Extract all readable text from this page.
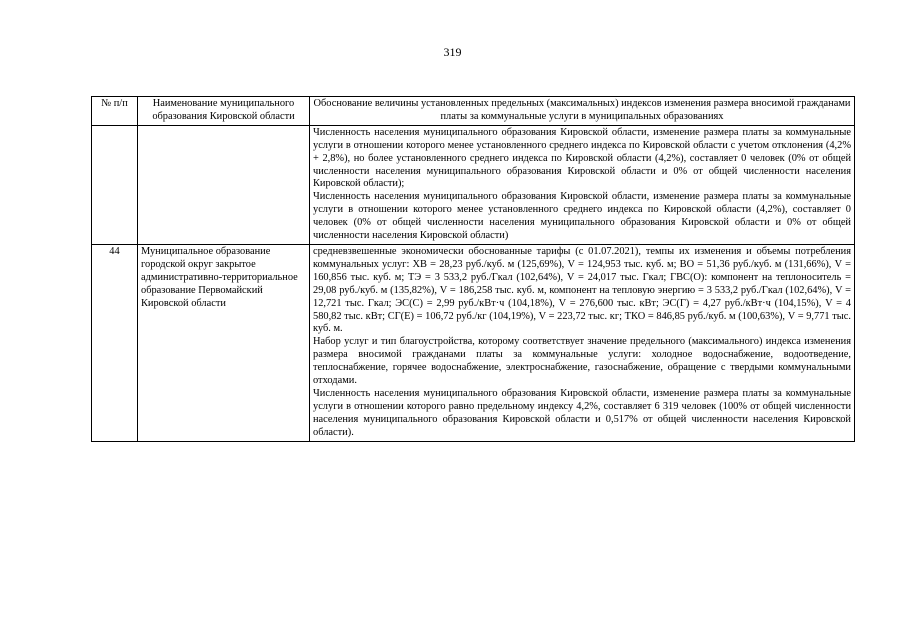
319
№ п/п	Наименование муниципального образования Кировской области	Обоснование величины установленных предельных (максимальных) индексов изменения размера вносимой гражданами платы за коммунальные услуги в муниципальных образованиях

		Численность населения муниципального образования Кировской области, изменение размера платы за коммунальные услуги в отношении которого менее установленного среднего индекса по Кировской области с учетом отклонения (4,2% + 2,8%), но более установленного среднего индекса по Кировской области (4,2%), составляет 0 человек (0% от общей численности населения муниципального образования Кировской области и 0% от общей численности населения Кировской области);

Численность населения муниципального образования Кировской области, изменение размера платы за коммунальные услуги в отношении которого менее установленного среднего индекса по Кировской области (4,2%), составляет 0 человек (0% от общей численности населения муниципального образования Кировской области и 0% от общей численности населения Кировской области)

44	Муниципальное образование городской округ закрытое административно-территориальное образование Первомайский Кировской области	средневзвешенные экономически обоснованные тарифы (с 01.07.2021), темпы их изменения и объемы потребления коммунальных услуг: ХВ = 28,23 руб./куб. м (125,69%), V = 124,953 тыс. куб. м; ВО = 51,36 руб./куб. м (131,66%), V = 160,856 тыс. куб. м; ТЭ = 3 533,2 руб./Гкал (102,64%), V = 24,017 тыс. Гкал; ГВС(О): компонент на теплоноситель = 29,08 руб./куб. м (135,82%), V = 186,258 тыс. куб. м, компонент на тепловую энергию = 3 533,2 руб./Гкал (102,64%), V = 12,721 тыс. Гкал; ЭС(С) = 2,99 руб./кВт·ч (104,18%), V = 276,600 тыс. кВт; ЭС(Г) = 4,27 руб./кВт·ч (104,15%), V = 4 580,82 тыс. кВт; СГ(Е) = 106,72 руб./кг (104,19%), V = 223,72 тыс. кг; ТКО = 846,85 руб./куб. м (100,63%), V = 9,771 тыс. куб. м.

Набор услуг и тип благоустройства, которому соответствует значение предельного (максимального) индекса изменения размера вносимой гражданами платы за коммунальные услуги: холодное водоснабжение, водоотведение, теплоснабжение, горячее водоснабжение, электроснабжение, газоснабжение, обращение с твердыми коммунальными отходами.

Численность населения муниципального образования Кировской области, изменение размера платы за коммунальные услуги в отношении которого равно предельному индексу 4,2%, составляет 6 319 человек (100% от общей численности населения муниципального образования Кировской области и 0,517% от общей численности населения Кировской области).
